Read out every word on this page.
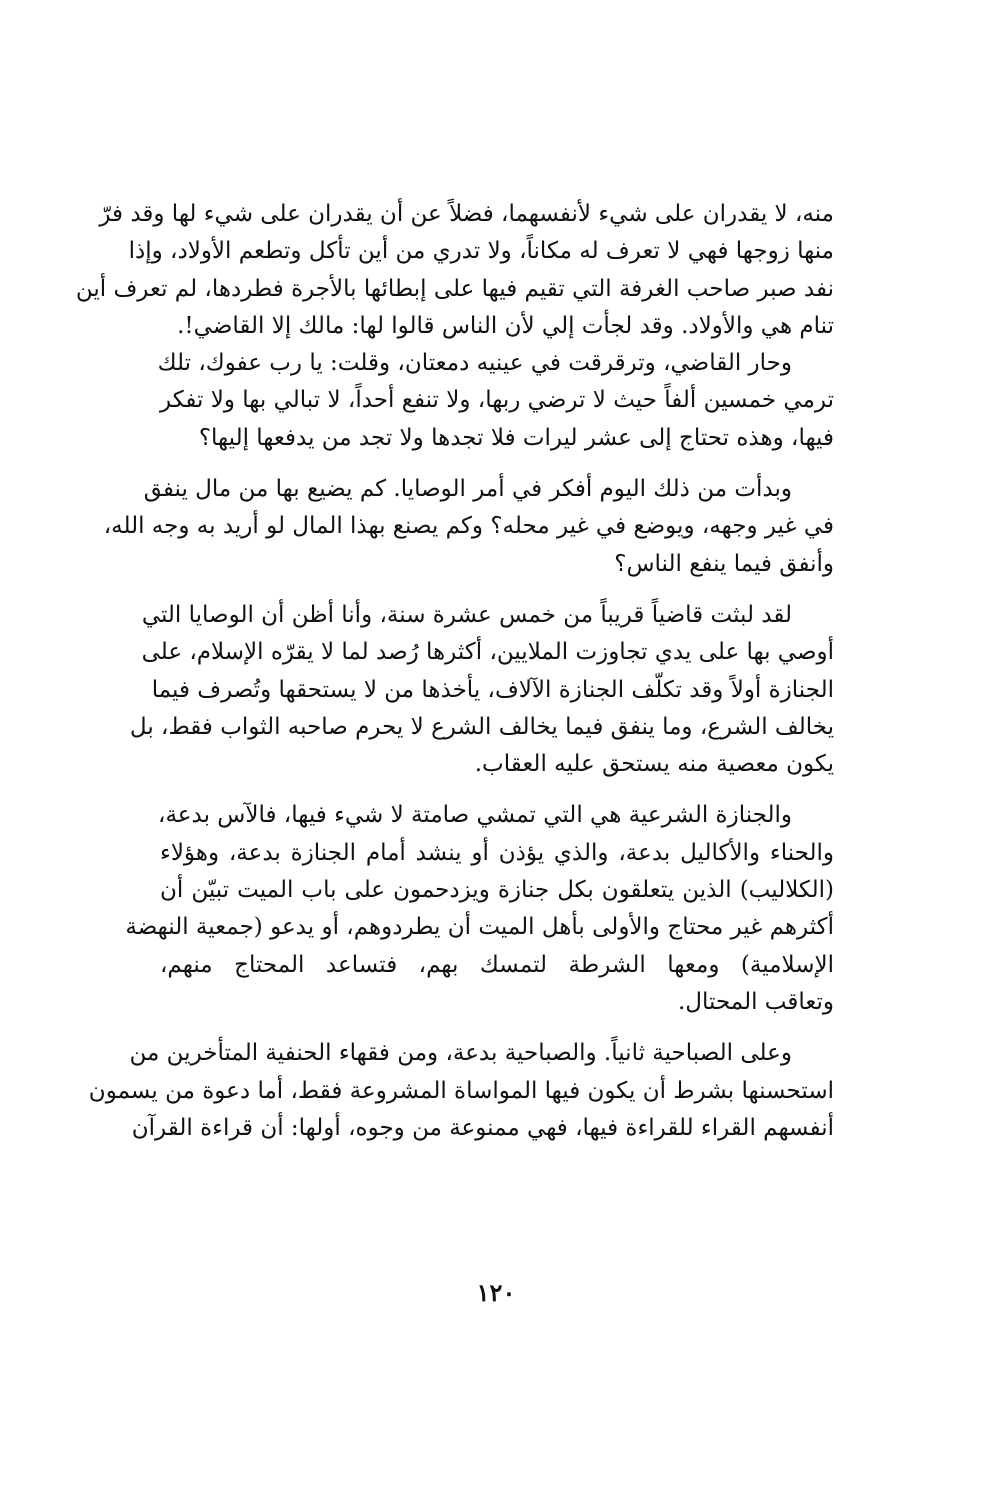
منه، لا يقدران على شيء لأنفسهما، فضلاً عن أن يقدران على شيء لها وقد فرّ
منها زوجها فهي لا تعرف له مكاناً، ولا تدري من أين تأكل وتطعم الأولاد، وإذا
نفد صبر صاحب الغرفة التي تقيم فيها على إبطائها بالأجرة فطردها، لم تعرف أين
تنام هي والأولاد. وقد لجأت إلي لأن الناس قالوا لها: مالك إلا القاضي!.
وحار القاضي، وترقرقت في عينيه دمعتان، وقلت: يا رب عفوك، تلك
ترمي خمسين ألفاً حيث لا ترضي ربها، ولا تنفع أحداً، لا تبالي بها ولا تفكر
فيها، وهذه تحتاج إلى عشر ليرات فلا تجدها ولا تجد من يدفعها إليها؟
وبدأت من ذلك اليوم أفكر في أمر الوصايا. كم يضيع بها من مال ينفق
في غير وجهه، ويوضع في غير محله؟ وكم يصنع بهذا المال لو أريد به وجه الله،
وأنفق فيما ينفع الناس؟
لقد لبثت قاضياً قريباً من خمس عشرة سنة، وأنا أظن أن الوصايا التي
أوصي بها على يدي تجاوزت الملايين، أكثرها رُصد لما لا يقرّه الإسلام، على
الجنازة أولاً وقد تكلّف الجنازة الآلاف، يأخذها من لا يستحقها وتُصرف فيما
يخالف الشرع، وما ينفق فيما يخالف الشرع لا يحرم صاحبه الثواب فقط، بل
يكون معصية منه يستحق عليه العقاب.
والجنازة الشرعية هي التي تمشي صامتة لا شيء فيها، فالآس بدعة،
والحناء والأكاليل بدعة، والذي يؤذن أو ينشد أمام الجنازة بدعة، وهؤلاء
(الكلاليب) الذين يتعلقون بكل جنازة ويزدحمون على باب الميت تبيّن أن
أكثرهم غير محتاج والأولى بأهل الميت أن يطردوهم، أو يدعو (جمعية النهضة
الإسلامية) ومعها الشرطة لتمسك بهم، فتساعد المحتاج منهم،
وتعاقب المحتال.
وعلى الصباحية ثانياً. والصباحية بدعة، ومن فقهاء الحنفية المتأخرين من
استحسنها بشرط أن يكون فيها المواساة المشروعة فقط، أما دعوة من يسمون
أنفسهم القراء للقراءة فيها، فهي ممنوعة من وجوه، أولها: أن قراءة القرآن
١٢٠
